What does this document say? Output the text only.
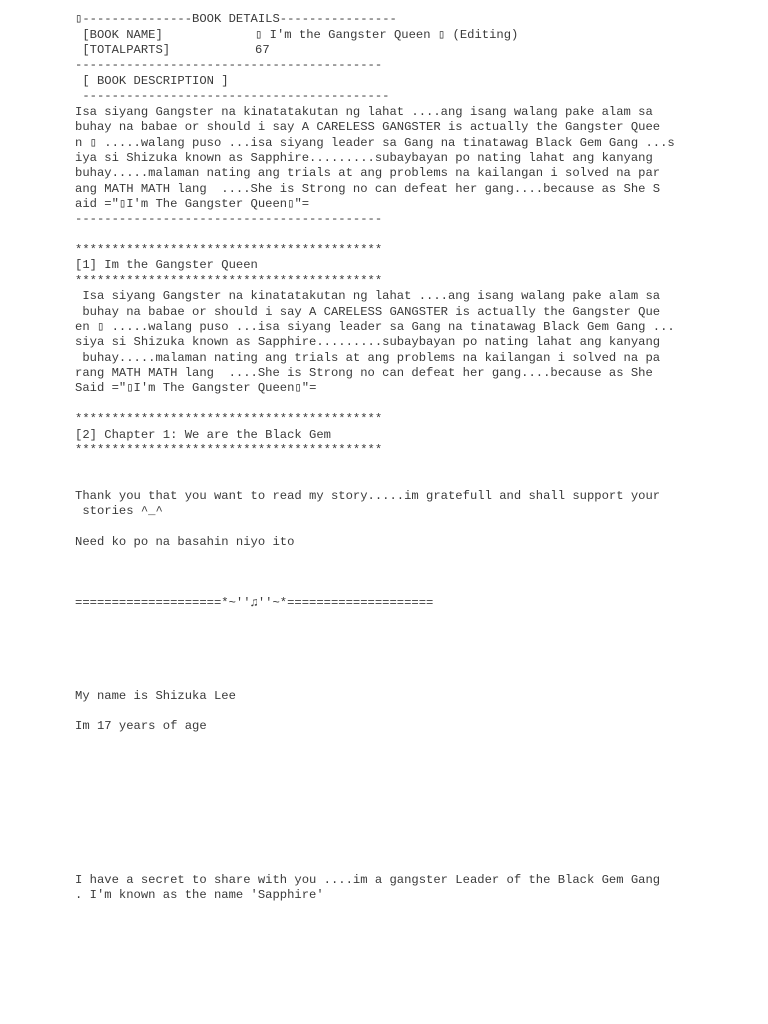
▯---------------BOOK DETAILS----------------

[BOOK NAME]	▯ I'm the Gangster Queen ▯ (Editing)

[TOTALPARTS]	67

------------------------------------------

[ BOOK DESCRIPTION ]

------------------------------------------

Isa siyang Gangster na kinatatakutan ng lahat ....ang isang walang pake alam sa

buhay na babae or should i say A CARELESS GANGSTER is actually the Gangster Quee

n ▯ .....walang puso ...isa siyang leader sa Gang na tinatawag Black Gem Gang ...s

iya si Shizuka known as Sapphire.........subaybayan po nating lahat ang kanyang

buhay.....malaman nating ang trials at ang problems na kailangan i solved na par

ang MATH MATH lang  ....She is Strong no can defeat her gang....because as She S

aid ="▯I'm The Gangster Queen▯"=

------------------------------------------

******************************************

[1] Im the Gangster Queen

******************************************

Isa siyang Gangster na kinatatakutan ng lahat ....ang isang walang pake alam sa

buhay na babae or should i say A CARELESS GANGSTER is actually the Gangster Que

en ▯ .....walang puso ...isa siyang leader sa Gang na tinatawag Black Gem Gang ...

siya si Shizuka known as Sapphire.........subaybayan po nating lahat ang kanyang

buhay.....malaman nating ang trials at ang problems na kailangan i solved na pa

rang MATH MATH lang  ....She is Strong no can defeat her gang....because as She

Said ="▯I'm The Gangster Queen▯"=

******************************************

[2] Chapter 1: We are the Black Gem

******************************************

Thank you that you want to read my story.....im gratefull and shall support your

stories ^_^

Need ko po na basahin niyo ito

====================*~''♫''~*====================

My name is Shizuka Lee

Im 17 years of age

I have a secret to share with you ....im a gangster Leader of the Black Gem Gang

. I'm known as the name 'Sapphire'
